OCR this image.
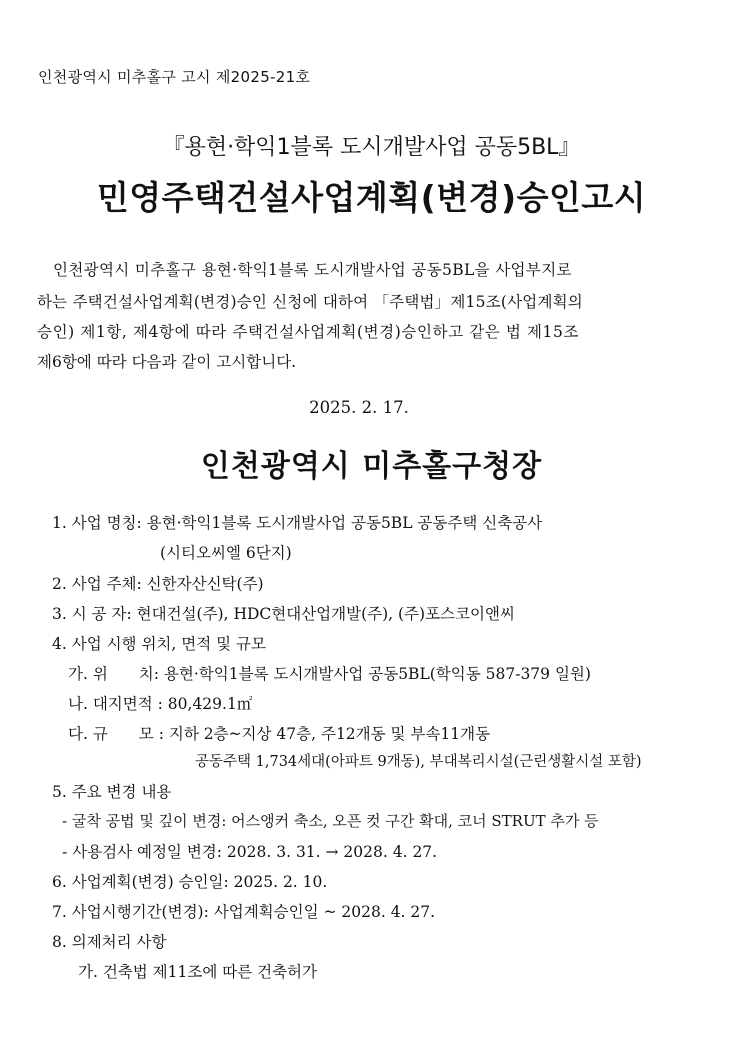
인천광역시 미추홀구 고시 제2025-21호
『용현·학익1블록 도시개발사업 공동5BL』
민영주택건설사업계획(변경)승인고시
인천광역시 미추홀구 용현·학익1블록 도시개발사업 공동5BL을 사업부지로
하는 주택건설사업계획(변경)승인 신청에 대하여 「주택법」제15조(사업계획의
승인) 제1항, 제4항에 따라 주택건설사업계획(변경)승인하고 같은 법 제15조
제6항에 따라 다음과 같이 고시합니다.
2025. 2. 17.
인천광역시 미추홀구청장
1. 사업 명칭: 용현·학익1블록 도시개발사업 공동5BL 공동주택 신축공사
(시티오씨엘 6단지)
2. 사업 주체: 신한자산신탁(주)
3. 시 공 자: 현대건설(주), HDC현대산업개발(주), (주)포스코이앤씨
4. 사업 시행 위치, 면적 및 규모
가. 위　　치: 용현·학익1블록 도시개발사업 공동5BL(학익동 587-379 일원)
나. 대지면적 : 80,429.1㎡
다. 규　　모 : 지하 2층~지상 47층, 주12개동 및 부속11개동
공동주택 1,734세대(아파트 9개동), 부대복리시설(근린생활시설 포함)
5. 주요 변경 내용
- 굴착 공법 및 깊이 변경: 어스앵커 축소, 오픈 컷 구간 확대, 코너 STRUT 추가 등
- 사용검사 예정일 변경: 2028. 3. 31. → 2028. 4. 27.
6. 사업계획(변경) 승인일: 2025. 2. 10.
7. 사업시행기간(변경): 사업계획승인일 ~ 2028. 4. 27.
8. 의제처리 사항
가. 건축법 제11조에 따른 건축허가
